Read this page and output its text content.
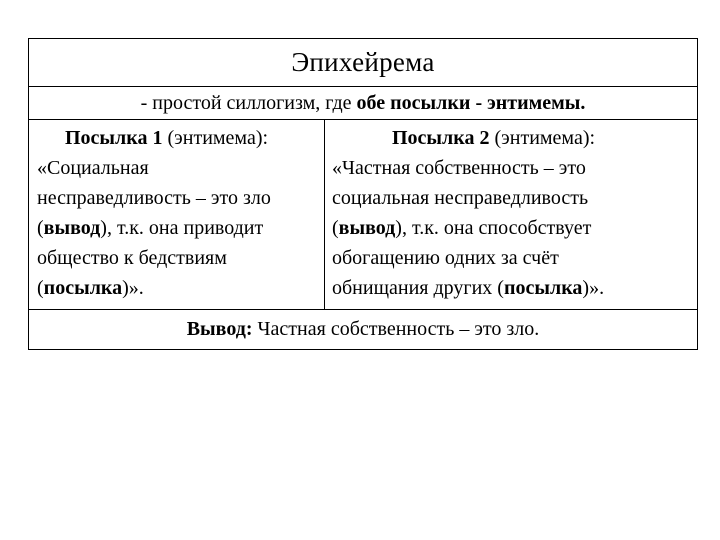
Эпихейрема
- простой силлогизм, где обе посылки - энтимемы.
Посылка 1 (энтимема):
«Социальная
несправедливость – это зло
(вывод), т.к. она приводит
общество к бедствиям
(посылка)».
Посылка 2 (энтимема):
«Частная собственность – это
социальная несправедливость
(вывод), т.к. она способствует
обогащению одних за счёт
обнищания других (посылка)».
Вывод: Частная собственность – это зло.
